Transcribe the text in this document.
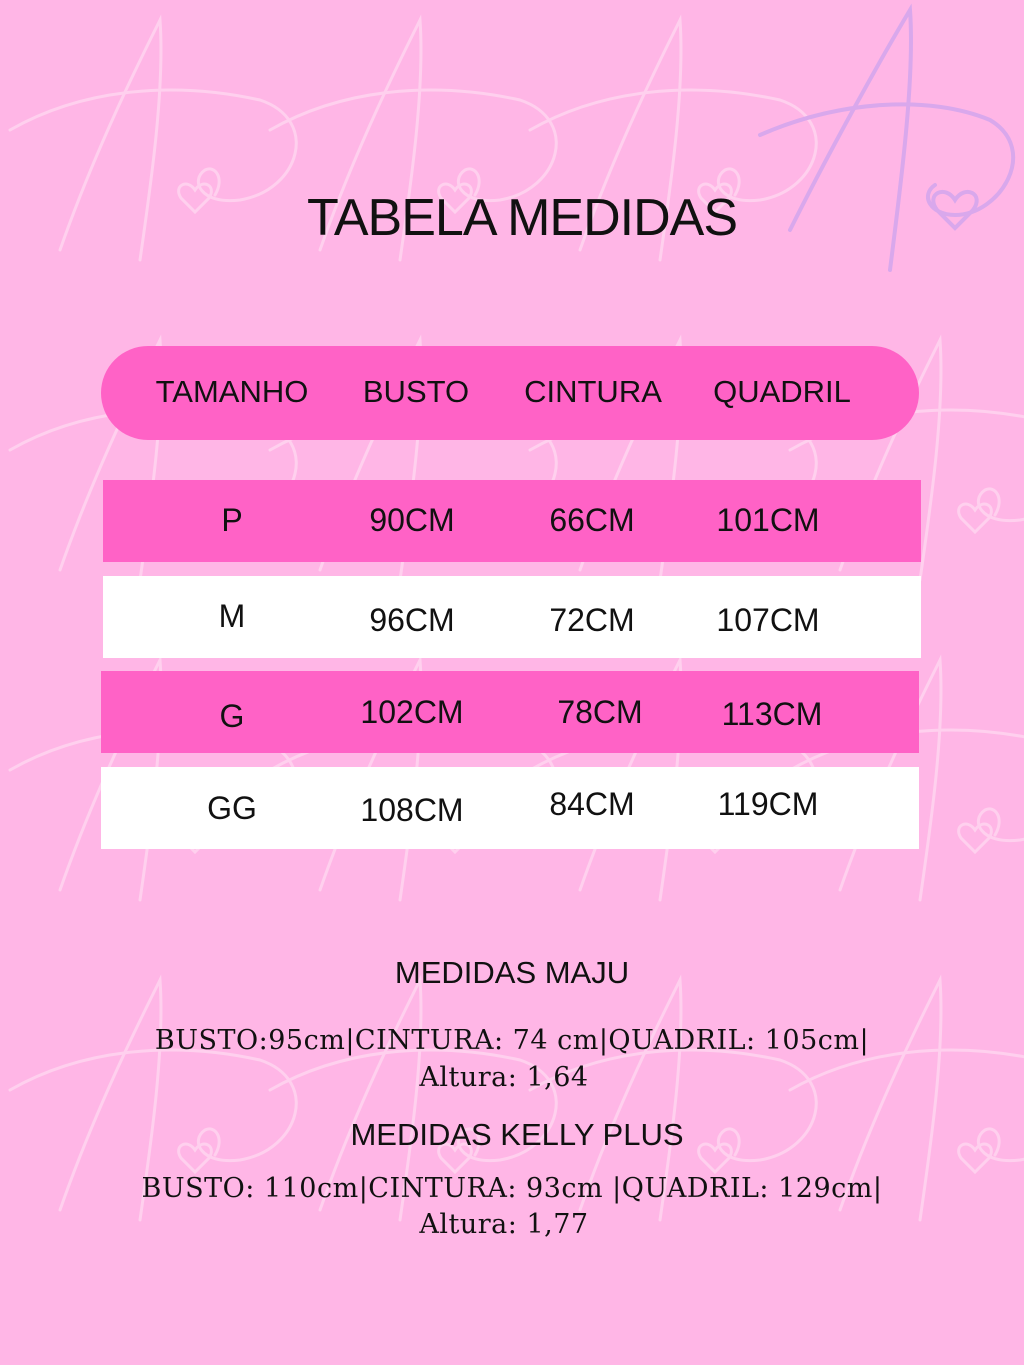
TABELA MEDIDAS
TAMANHO	BUSTO	CINTURA	QUADRIL
P	90CM	66CM	101CM
M	96CM	72CM	107CM
G	102CM	78CM	113CM
GG	108CM	84CM	119CM
MEDIDAS MAJU
BUSTO:95cm|CINTURA: 74 cm|QUADRIL: 105cm|
Altura: 1,64
MEDIDAS KELLY PLUS
BUSTO: 110cm|CINTURA: 93cm |QUADRIL: 129cm|
Altura: 1,77
